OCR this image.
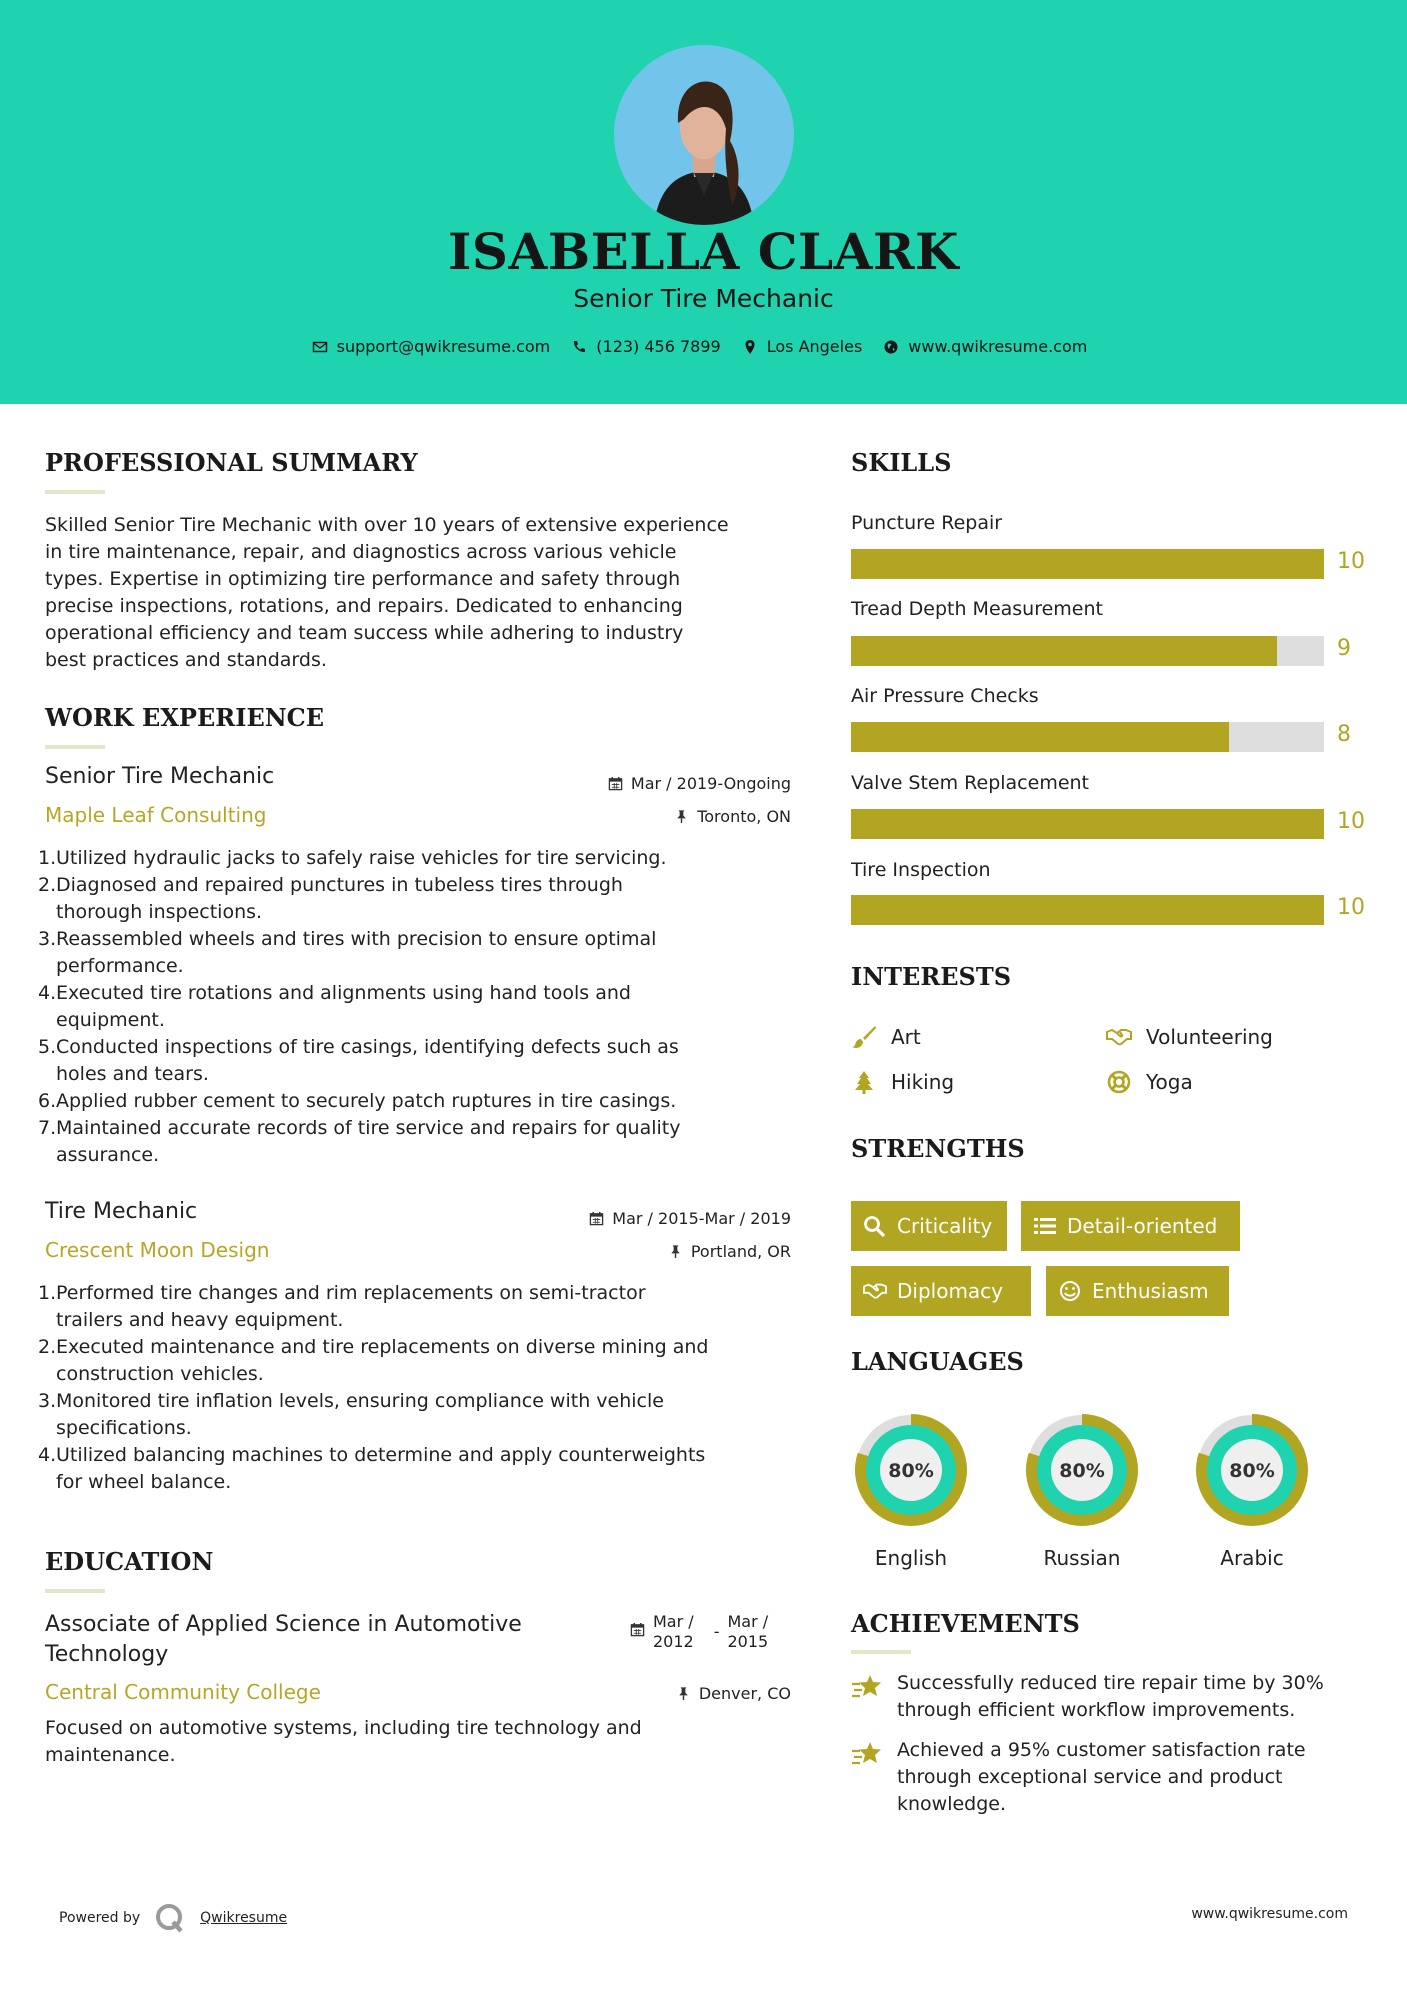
ISABELLA CLARK
Senior Tire Mechanic
support@qwikresume.com	(123) 456 7899	Los Angeles	www.qwikresume.com
PROFESSIONAL SUMMARY
Skilled Senior Tire Mechanic with over 10 years of extensive experience
in tire maintenance, repair, and diagnostics across various vehicle
types. Expertise in optimizing tire performance and safety through
precise inspections, rotations, and repairs. Dedicated to enhancing
operational efficiency and team success while adhering to industry
best practices and standards.
WORK EXPERIENCE
Senior Tire Mechanic
Maple Leaf Consulting
Mar / 2019-Ongoing
Toronto, ON
1. Utilized hydraulic jacks to safely raise vehicles for tire servicing.
2. Diagnosed and repaired punctures in tubeless tires through
thorough inspections.
3. Reassembled wheels and tires with precision to ensure optimal
performance.
4. Executed tire rotations and alignments using hand tools and
equipment.
5. Conducted inspections of tire casings, identifying defects such as
holes and tears.
6. Applied rubber cement to securely patch ruptures in tire casings.
7. Maintained accurate records of tire service and repairs for quality
assurance.
Tire Mechanic
Crescent Moon Design
Mar / 2015-Mar / 2019
Portland, OR
1. Performed tire changes and rim replacements on semi-tractor
trailers and heavy equipment.
2. Executed maintenance and tire replacements on diverse mining and
construction vehicles.
3. Monitored tire inflation levels, ensuring compliance with vehicle
specifications.
4. Utilized balancing machines to determine and apply counterweights
for wheel balance.
EDUCATION
Associate of Applied Science in Automotive
Technology
Mar /
2012
-
Mar /
2015
Central Community College	Denver, CO
Focused on automotive systems, including tire technology and
maintenance.
SKILLS
Puncture Repair
10
Tread Depth Measurement
9
Air Pressure Checks
8
Valve Stem Replacement
10
Tire Inspection
10
INTERESTS
Art	Volunteering
Hiking	Yoga
STRENGTHS
Criticality	Detail-oriented
Diplomacy	Enthusiasm
LANGUAGES
80%
English
80%
Russian
80%
Arabic
ACHIEVEMENTS
Successfully reduced tire repair time by 30%
through efficient workflow improvements.
Achieved a 95% customer satisfaction rate
through exceptional service and product
knowledge.
Powered by	Qwikresume	www.qwikresume.com
